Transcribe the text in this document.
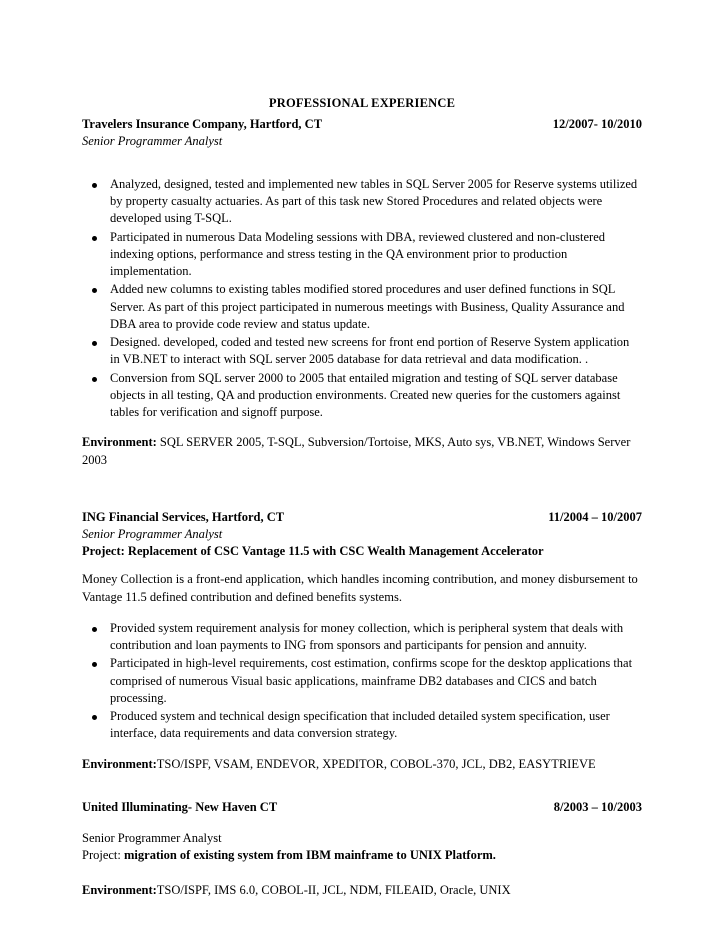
PROFESSIONAL EXPERIENCE
Travelers Insurance Company, Hartford, CT	12/2007- 10/2010
Senior Programmer Analyst
Analyzed, designed, tested and implemented new tables in SQL Server 2005 for Reserve systems utilized by property casualty actuaries. As part of this task new Stored Procedures and related objects were developed using T-SQL.
Participated in numerous Data Modeling sessions with DBA, reviewed clustered and non-clustered indexing options, performance and stress testing in the QA environment prior to production implementation.
Added new columns to existing tables modified stored procedures and user defined functions in SQL Server. As part of this project participated in numerous meetings with Business, Quality Assurance and DBA area to provide code review and status update.
Designed. developed, coded and tested new screens for front end portion of Reserve System application in VB.NET to interact with SQL server 2005 database for data retrieval and data modification. .
Conversion from SQL server 2000 to 2005 that entailed migration and testing of SQL server database objects in all testing, QA and production environments. Created new queries for the customers against tables for verification and signoff purpose.
Environment: SQL SERVER 2005, T-SQL, Subversion/Tortoise, MKS, Auto sys, VB.NET, Windows Server 2003
ING Financial Services, Hartford, CT	11/2004 – 10/2007
Senior Programmer Analyst
Project: Replacement of CSC Vantage 11.5 with CSC Wealth Management Accelerator
Money Collection is a front-end application, which handles incoming contribution, and money disbursement to Vantage 11.5 defined contribution and defined benefits systems.
Provided system requirement analysis for money collection, which is peripheral system that deals with contribution and loan payments to ING from sponsors and participants for pension and annuity.
Participated in high-level requirements, cost estimation, confirms scope for the desktop applications that comprised of numerous Visual basic applications, mainframe DB2 databases and CICS and batch processing.
Produced system and technical design specification that included detailed system specification, user interface, data requirements and data conversion strategy.
Environment:TSO/ISPF, VSAM, ENDEVOR, XPEDITOR, COBOL-370, JCL, DB2, EASYTRIEVE
United Illuminating- New Haven CT	8/2003 – 10/2003
Senior Programmer Analyst
Project: migration of existing system from IBM mainframe to UNIX Platform.
Environment:TSO/ISPF, IMS 6.0, COBOL-II, JCL, NDM, FILEAID, Oracle, UNIX
